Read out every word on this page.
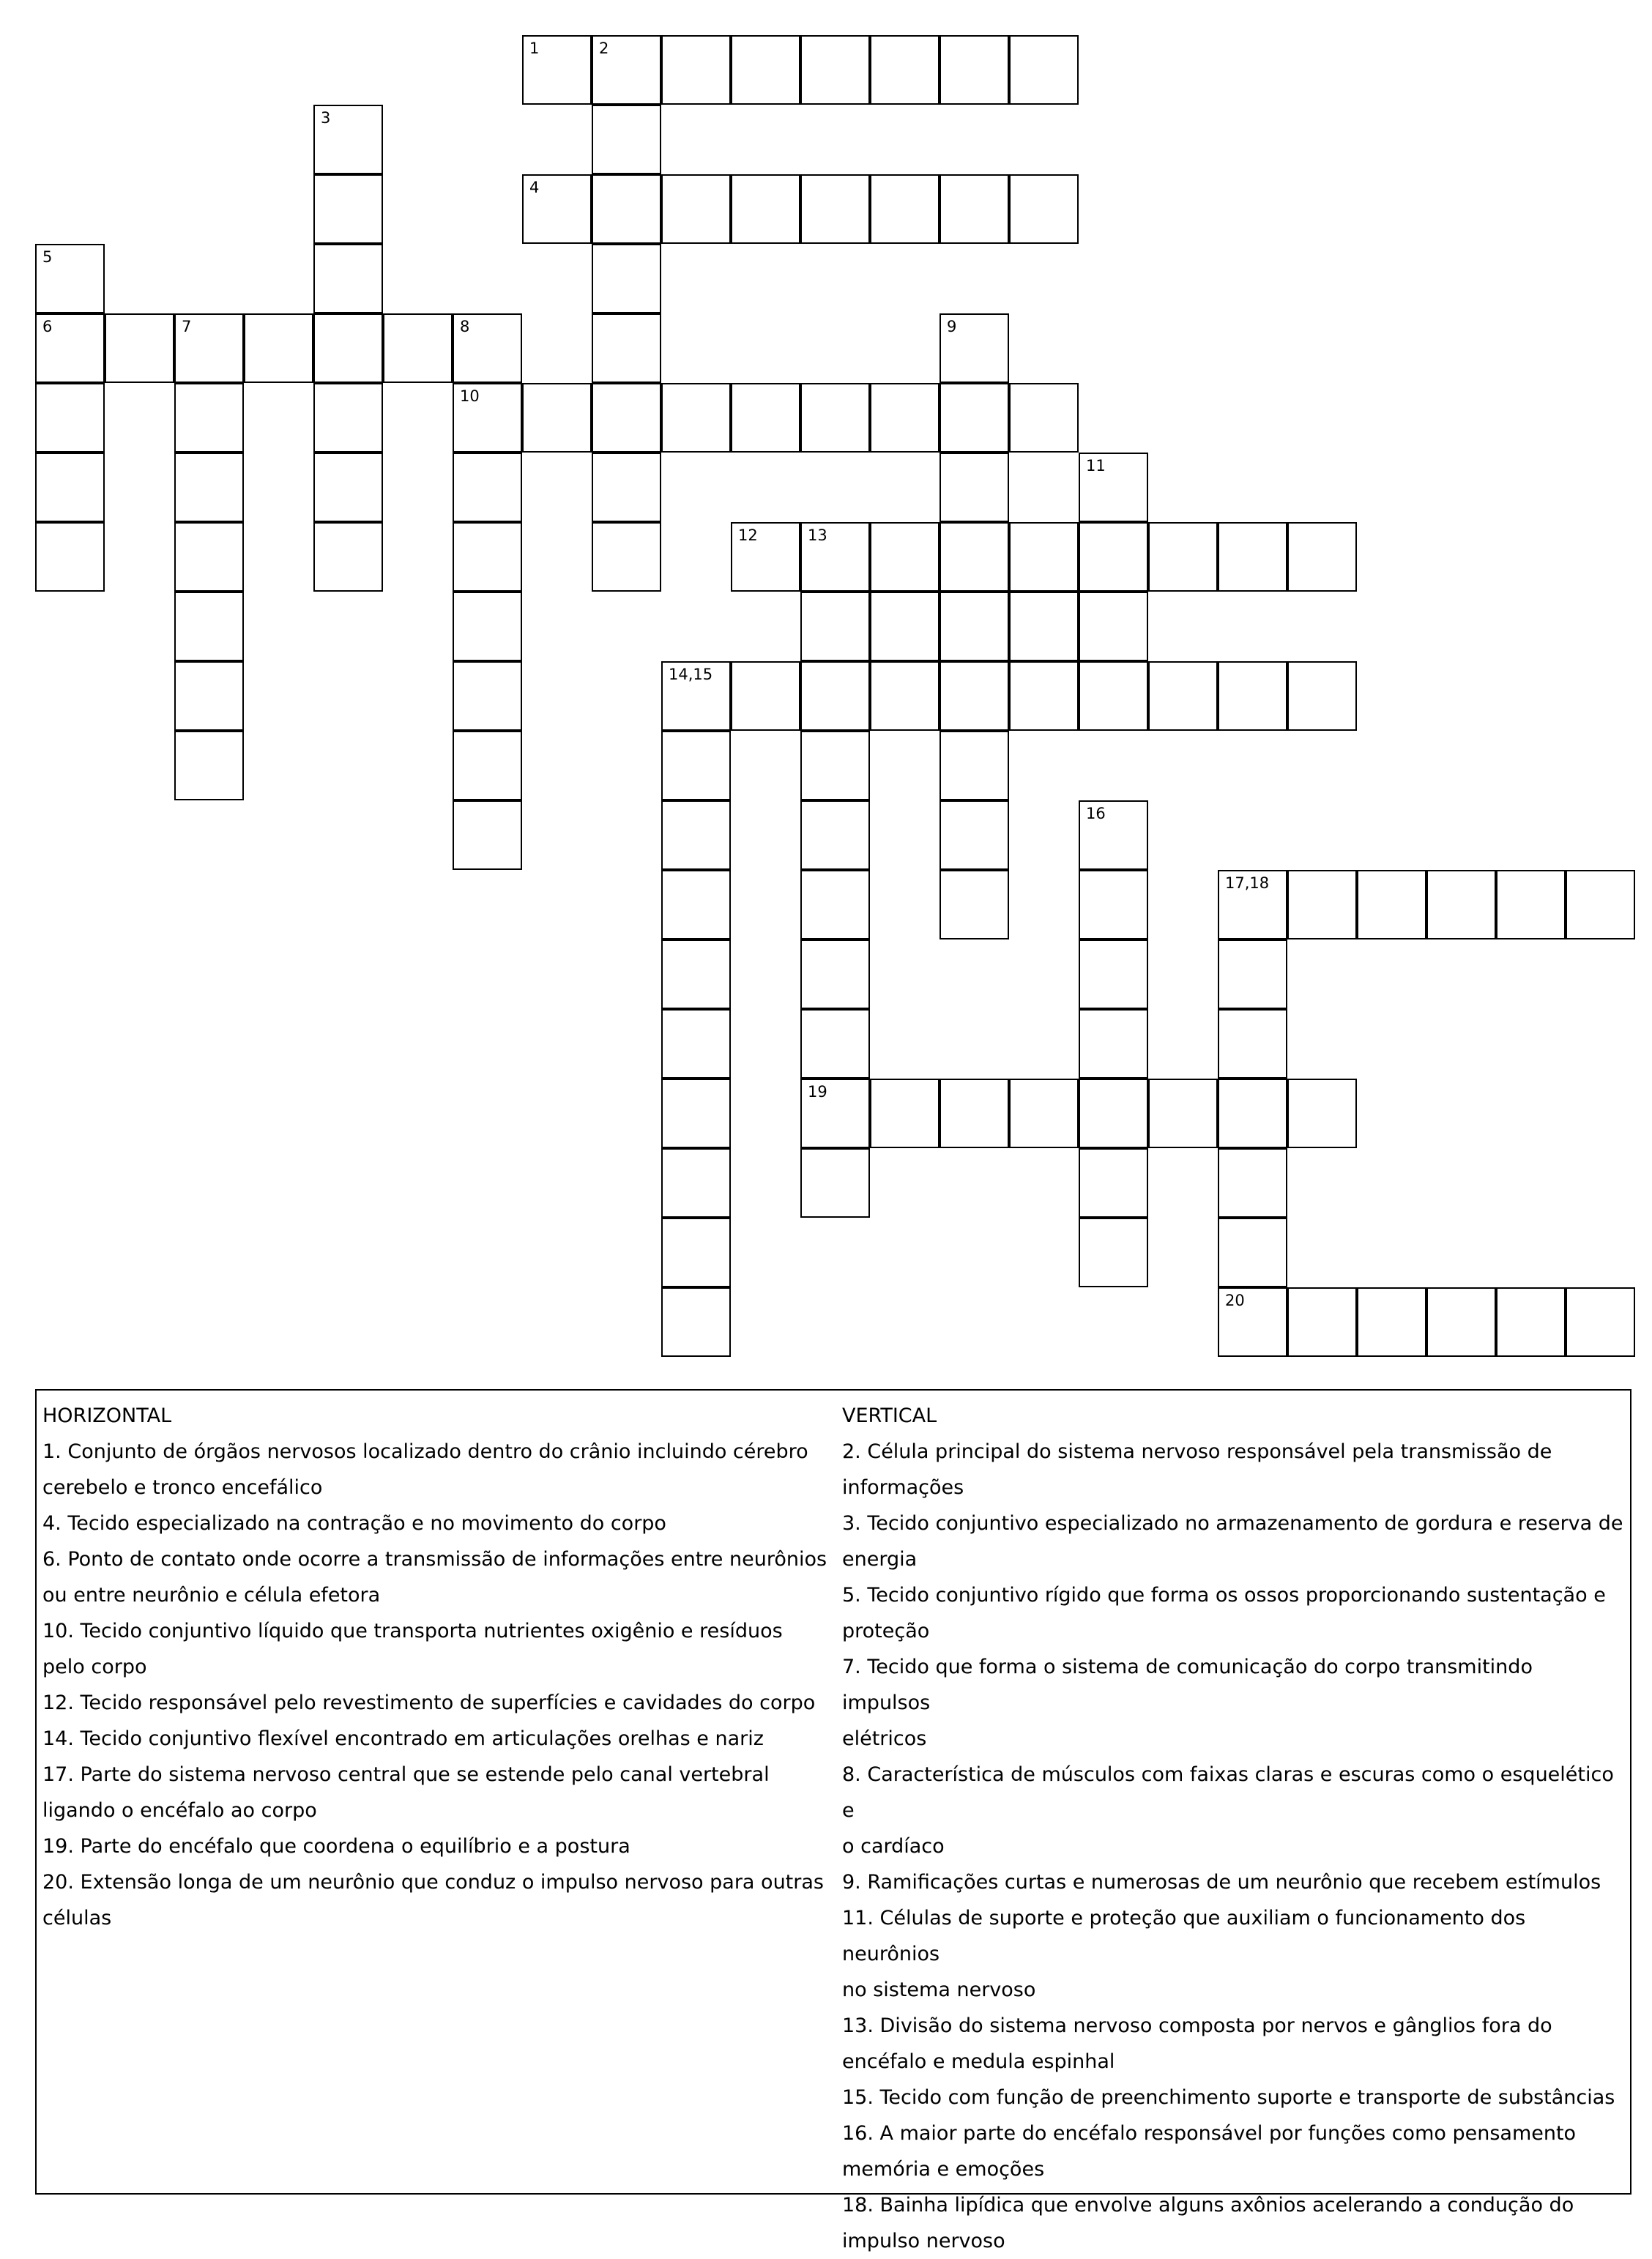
1	2
3
4
5
6	7	8	9
10
11
12	13
14,15
16
17,18
19
20
HORIZONTAL
1. Conjunto de órgãos nervosos localizado dentro do crânio incluindo cérebro
cerebelo e tronco encefálico
4. Tecido especializado na contração e no movimento do corpo
6. Ponto de contato onde ocorre a transmissão de informações entre neurônios
ou entre neurônio e célula efetora
10. Tecido conjuntivo líquido que transporta nutrientes oxigênio e resíduos
pelo corpo
12. Tecido responsável pelo revestimento de superfícies e cavidades do corpo
14. Tecido conjuntivo flexível encontrado em articulações orelhas e nariz
17. Parte do sistema nervoso central que se estende pelo canal vertebral
ligando o encéfalo ao corpo
19. Parte do encéfalo que coordena o equilíbrio e a postura
20. Extensão longa de um neurônio que conduz o impulso nervoso para outras
células
VERTICAL
2. Célula principal do sistema nervoso responsável pela transmissão de
informações
3. Tecido conjuntivo especializado no armazenamento de gordura e reserva de
energia
5. Tecido conjuntivo rígido que forma os ossos proporcionando sustentação e
proteção
7. Tecido que forma o sistema de comunicação do corpo transmitindo impulsos
elétricos
8. Característica de músculos com faixas claras e escuras como o esquelético e
o cardíaco
9. Ramificações curtas e numerosas de um neurônio que recebem estímulos
11. Células de suporte e proteção que auxiliam o funcionamento dos neurônios
no sistema nervoso
13. Divisão do sistema nervoso composta por nervos e gânglios fora do
encéfalo e medula espinhal
15. Tecido com função de preenchimento suporte e transporte de substâncias
16. A maior parte do encéfalo responsável por funções como pensamento
memória e emoções
18. Bainha lipídica que envolve alguns axônios acelerando a condução do
impulso nervoso
